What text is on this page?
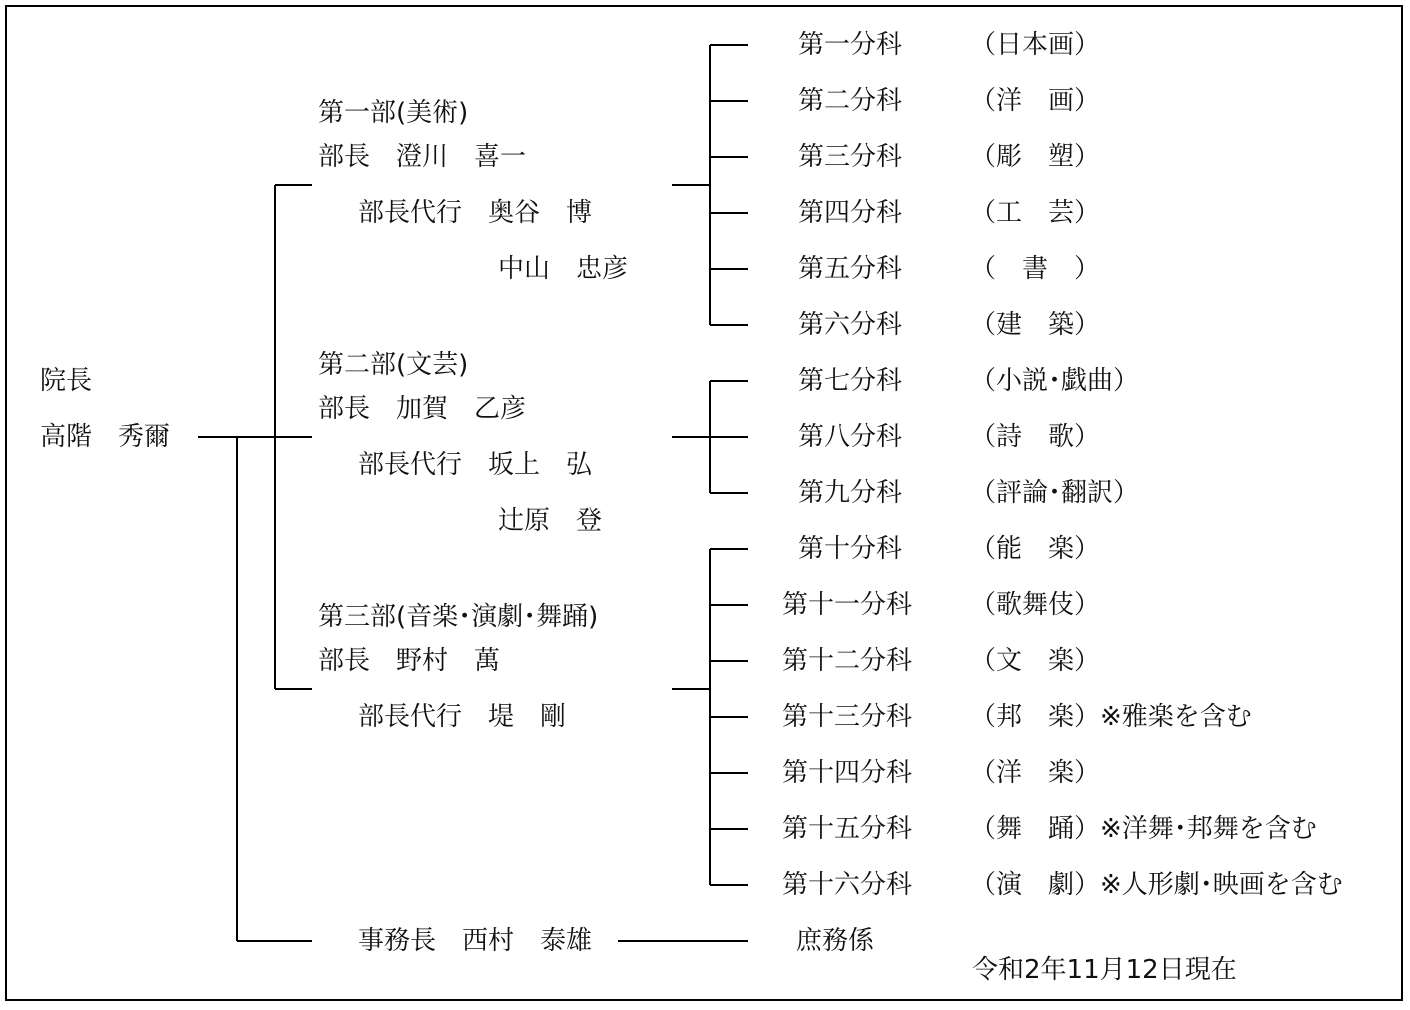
院長
高階　秀爾
第一部(美術)
部長　澄川　喜一
部長代行　奥谷　博
中山　忠彦
第二部(文芸)
部長　加賀　乙彦
部長代行　坂上　弘
辻原　登
第三部(音楽･演劇･舞踊)
部長　野村　萬
部長代行　堤　剛
第一分科	（日本画）
第二分科	（洋　画）
第三分科	（彫　塑）
第四分科	（工　芸）
第五分科	（　書　）
第六分科	（建　築）
第七分科	（小説･戯曲）
第八分科	（詩　歌）
第九分科	（評論･翻訳）
第十分科	（能　楽）
第十一分科 （歌舞伎）
第十二分科 （文　楽）
第十三分科 （邦　楽）※雅楽を含む
第十四分科 （洋　楽）
第十五分科 （舞　踊）※洋舞･邦舞を含む
第十六分科 （演　劇）※人形劇･映画を含む
事務長　西村　泰雄	庶務係
令和2年11月12日現在
